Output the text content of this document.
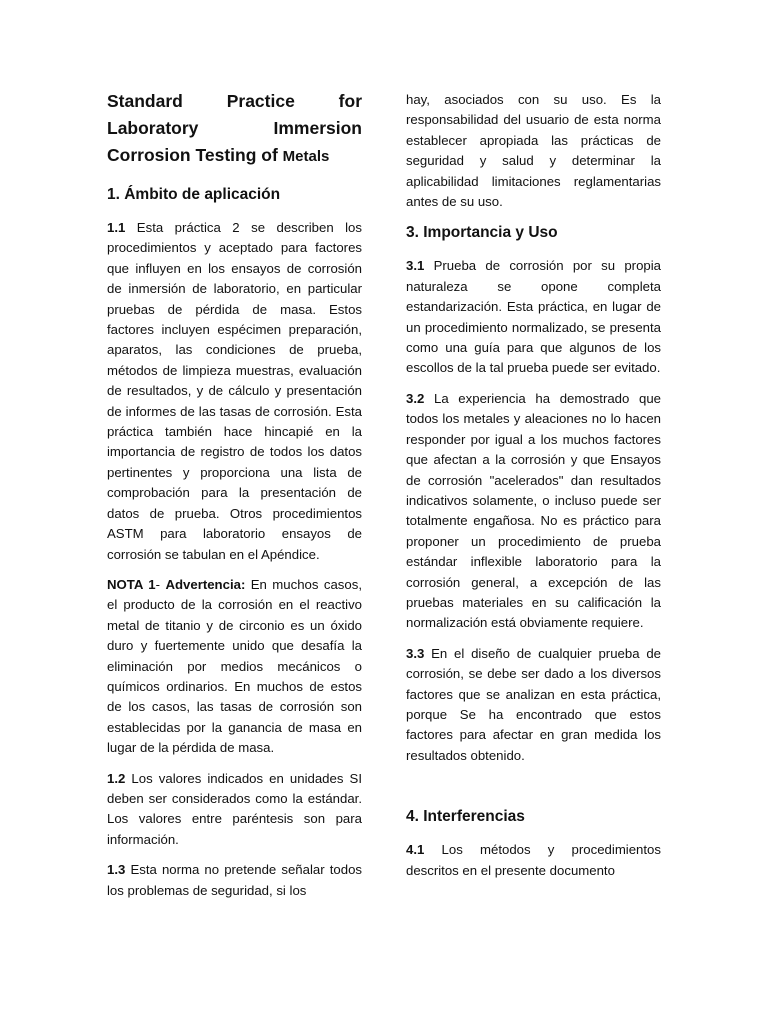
Standard Practice for Laboratory Immersion Corrosion Testing of Metals
1. Ámbito de aplicación

1.1 Esta práctica 2 se describen los procedimientos y aceptado para factores que influyen en los ensayos de corrosión de inmersión de laboratorio, en particular pruebas de pérdida de masa. Estos factores incluyen espécimen preparación, aparatos, las condiciones de prueba, métodos de limpieza muestras, evaluación de resultados, y de cálculo y presentación de informes de las tasas de corrosión. Esta práctica también hace hincapié en la importancia de registro de todos los datos pertinentes y proporciona una lista de comprobación para la presentación de datos de prueba. Otros procedimientos ASTM para laboratorio ensayos de corrosión se tabulan en el Apéndice.

NOTA 1- Advertencia: En muchos casos, el producto de la corrosión en el reactivo metal de titanio y de circonio es un óxido duro y fuertemente unido que desafía la eliminación por medios mecánicos o químicos ordinarios. En muchos de estos de los casos, las tasas de corrosión son establecidas por la ganancia de masa en lugar de la pérdida de masa.

1.2 Los valores indicados en unidades SI deben ser considerados como la estándar. Los valores entre paréntesis son para información.

1.3 Esta norma no pretende señalar todos los problemas de seguridad, si los

hay, asociados con su uso. Es la responsabilidad del usuario de esta norma establecer apropiada las prácticas de seguridad y salud y determinar la aplicabilidad limitaciones reglamentarias antes de su uso.

3. Importancia y Uso

3.1 Prueba de corrosión por su propia naturaleza se opone completa estandarización. Esta práctica, en lugar de un procedimiento normalizado, se presenta como una guía para que algunos de los escollos de la tal prueba puede ser evitado.

3.2 La experiencia ha demostrado que todos los metales y aleaciones no lo hacen responder por igual a los muchos factores que afectan a la corrosión y que Ensayos de corrosión "acelerados" dan resultados indicativos solamente, o incluso puede ser totalmente engañosa. No es práctico para proponer un procedimiento de prueba estándar inflexible laboratorio para la corrosión general, a excepción de las pruebas materiales en su calificación la normalización está obviamente requiere.

3.3 En el diseño de cualquier prueba de corrosión, se debe ser dado a los diversos factores que se analizan en esta práctica, porque Se ha encontrado que estos factores para afectar en gran medida los resultados obtenido.

4. Interferencias

4.1 Los métodos y procedimientos descritos en el presente documento
